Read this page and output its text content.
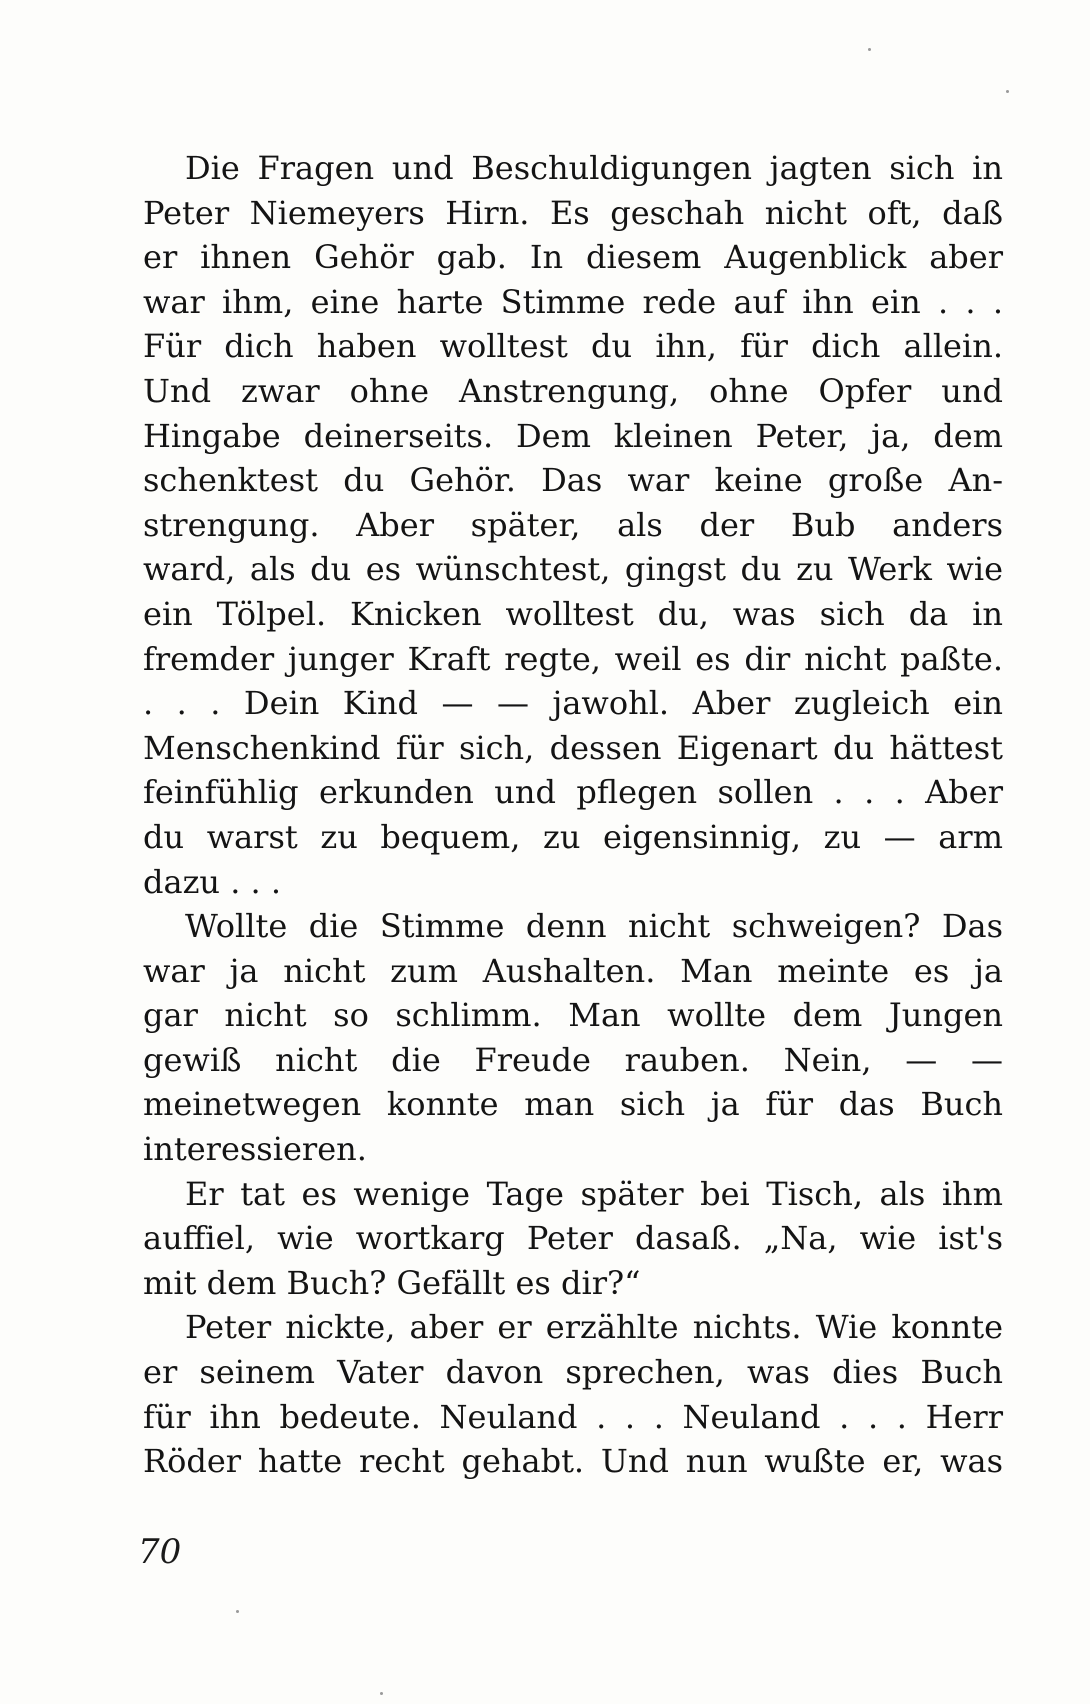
Die Fragen und Beschuldigungen jagten sich in
Peter Niemeyers Hirn. Es geschah nicht oft, daß
er ihnen Gehör gab. In diesem Augenblick aber
war ihm, eine harte Stimme rede auf ihn ein . . .
Für dich haben wolltest du ihn, für dich allein.
Und zwar ohne Anstrengung, ohne Opfer und
Hingabe deinerseits. Dem kleinen Peter, ja, dem
schenktest du Gehör. Das war keine große An-
strengung. Aber später, als der Bub anders
ward, als du es wünschtest, gingst du zu Werk wie
ein Tölpel. Knicken wolltest du, was sich da in
fremder junger Kraft regte, weil es dir nicht paßte.
. . . Dein Kind — — jawohl. Aber zugleich ein
Menschenkind für sich, dessen Eigenart du hättest
feinfühlig erkunden und pflegen sollen . . . Aber
du warst zu bequem, zu eigensinnig, zu — arm
dazu . . .
Wollte die Stimme denn nicht schweigen? Das
war ja nicht zum Aushalten. Man meinte es ja
gar nicht so schlimm. Man wollte dem Jungen
gewiß nicht die Freude rauben. Nein, — —
meinetwegen konnte man sich ja für das Buch
interessieren.
Er tat es wenige Tage später bei Tisch, als ihm
auffiel, wie wortkarg Peter dasaß. „Na, wie ist's
mit dem Buch? Gefällt es dir?“
Peter nickte, aber er erzählte nichts. Wie konnte
er seinem Vater davon sprechen, was dies Buch
für ihn bedeute. Neuland . . . Neuland . . . Herr
Röder hatte recht gehabt. Und nun wußte er, was
70
